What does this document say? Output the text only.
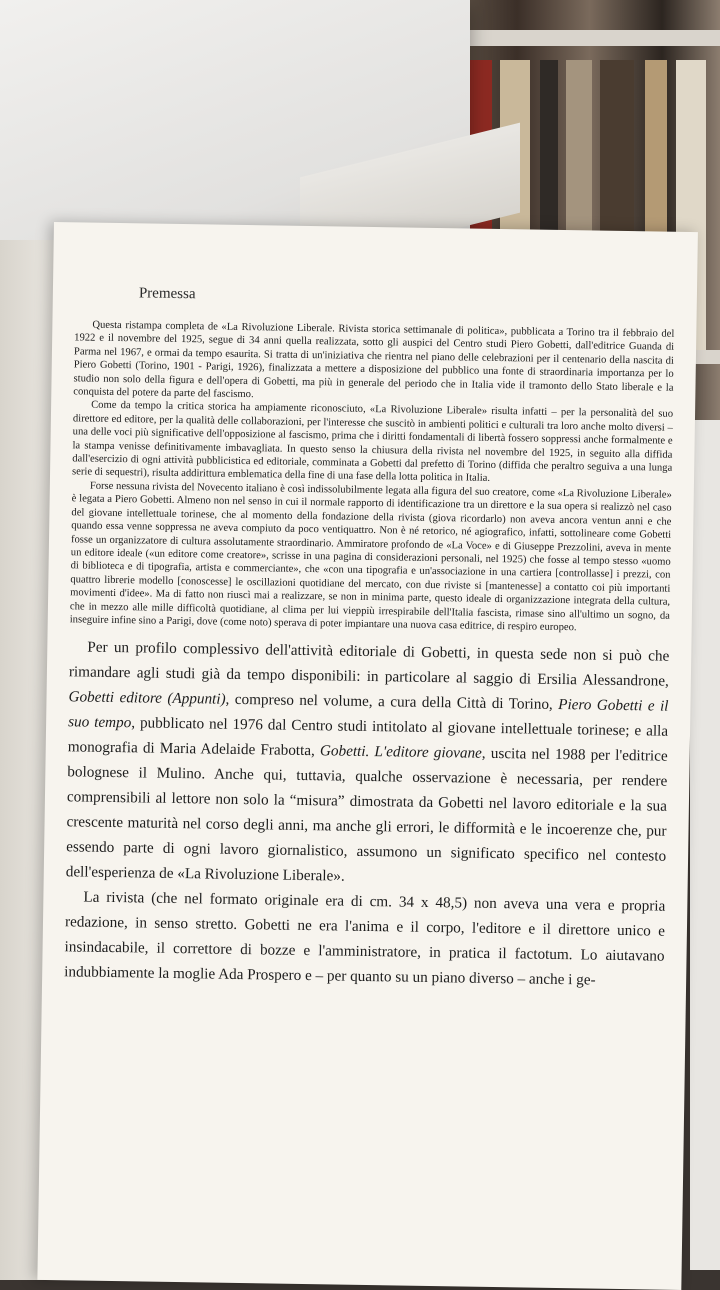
Premessa

Questa ristampa completa de «La Rivoluzione Liberale. Rivista storica settimanale di politica», pubblicata a Torino tra il febbraio del 1922 e il novembre del 1925, segue di 34 anni quella realizzata, sotto gli auspici del Centro studi Piero Gobetti, dall'editrice Guanda di Parma nel 1967, e ormai da tempo esaurita. Si tratta di un'iniziativa che rientra nel piano delle celebrazioni per il centenario della nascita di Piero Gobetti (Torino, 1901 - Parigi, 1926), finalizzata a mettere a disposizione del pubblico una fonte di straordinaria importanza per lo studio non solo della figura e dell'opera di Gobetti, ma più in generale del periodo che in Italia vide il tramonto dello Stato liberale e la conquista del potere da parte del fascismo.

Come da tempo la critica storica ha ampiamente riconosciuto, «La Rivoluzione Liberale» risulta infatti – per la personalità del suo direttore ed editore, per la qualità delle collaborazioni, per l'interesse che suscitò in ambienti politici e culturali tra loro anche molto diversi – una delle voci più significative dell'opposizione al fascismo, prima che i diritti fondamentali di libertà fossero soppressi anche formalmente e la stampa venisse definitivamente imbavagliata. In questo senso la chiusura della rivista nel novembre del 1925, in seguito alla diffida dall'esercizio di ogni attività pubblicistica ed editoriale, comminata a Gobetti dal prefetto di Torino (diffida che peraltro seguiva a una lunga serie di sequestri), risulta addirittura emblematica della fine di una fase della lotta politica in Italia.

Forse nessuna rivista del Novecento italiano è così indissolubilmente legata alla figura del suo creatore, come «La Rivoluzione Liberale» è legata a Piero Gobetti. Almeno non nel senso in cui il normale rapporto di identificazione tra un direttore e la sua opera si realizzò nel caso del giovane intellettuale torinese, che al momento della fondazione della rivista (giova ricordarlo) non aveva ancora ventun anni e che quando essa venne soppressa ne aveva compiuto da poco ventiquattro. Non è né retorico, né agiografico, infatti, sottolineare come Gobetti fosse un organizzatore di cultura assolutamente straordinario. Ammiratore profondo de «La Voce» e di Giuseppe Prezzolini, aveva in mente un editore ideale («un editore come creatore», scrisse in una pagina di considerazioni personali, nel 1925) che fosse al tempo stesso «uomo di biblioteca e di tipografia, artista e commerciante», che «con una tipografia e un'associazione in una cartiera [controllasse] i prezzi, con quattro librerie modello [conoscesse] le oscillazioni quotidiane del mercato, con due riviste si [mantenesse] a contatto coi più importanti movimenti d'idee». Ma di fatto non riuscì mai a realizzare, se non in minima parte, questo ideale di organizzazione integrata della cultura, che in mezzo alle mille difficoltà quotidiane, al clima per lui vieppiù irrespirabile dell'Italia fascista, rimase sino all'ultimo un sogno, da inseguire infine sino a Parigi, dove (come noto) sperava di poter impiantare una nuova casa editrice, di respiro europeo.

Per un profilo complessivo dell'attività editoriale di Gobetti, in questa sede non si può che rimandare agli studi già da tempo disponibili: in particolare al saggio di Ersilia Alessandrone, Gobetti editore (Appunti), compreso nel volume, a cura della Città di Torino, Piero Gobetti e il suo tempo, pubblicato nel 1976 dal Centro studi intitolato al giovane intellettuale torinese; e alla monografia di Maria Adelaide Frabotta, Gobetti. L'editore giovane, uscita nel 1988 per l'editrice bolognese il Mulino. Anche qui, tuttavia, qualche osservazione è necessaria, per rendere comprensibili al lettore non solo la “misura” dimostrata da Gobetti nel lavoro editoriale e la sua crescente maturità nel corso degli anni, ma anche gli errori, le difformità e le incoerenze che, pur essendo parte di ogni lavoro giornalistico, assumono un significato specifico nel contesto dell'esperienza de «La Rivoluzione Liberale».

La rivista (che nel formato originale era di cm. 34 x 48,5) non aveva una vera e propria redazione, in senso stretto. Gobetti ne era l'anima e il corpo, l'editore e il direttore unico e insindacabile, il correttore di bozze e l'amministratore, in pratica il factotum. Lo aiutavano indubbiamente la moglie Ada Prospero e – per quanto su un piano diverso – anche i ge-
